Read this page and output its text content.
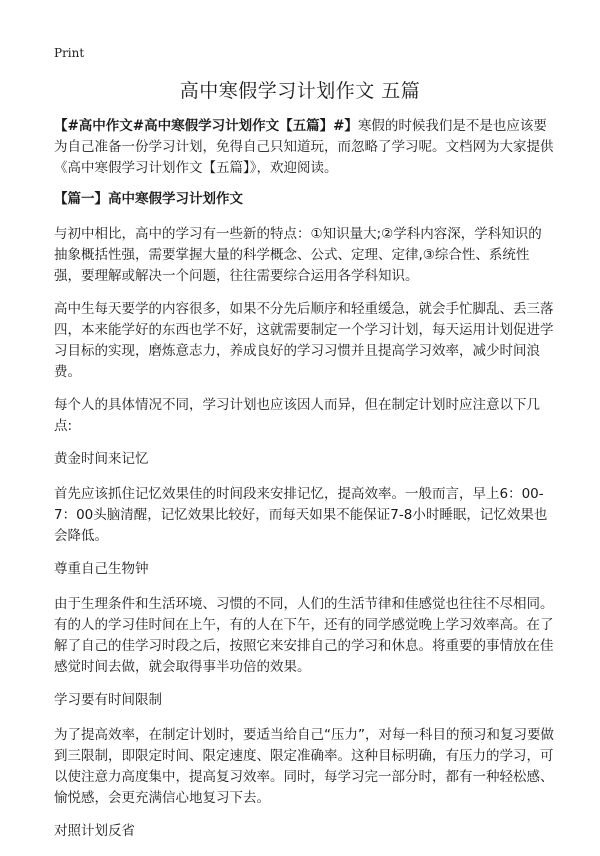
Print
高中寒假学习计划作文 五篇

【#高中作文#高中寒假学习计划作文【五篇】#】寒假的时候我们是不是也应该要为自己准备一份学习计划，免得自己只知道玩，而忽略了学习呢。文档网为大家提供《高中寒假学习计划作文【五篇】》，欢迎阅读。

【篇一】高中寒假学习计划作文

与初中相比，高中的学习有一些新的特点：①知识量大;②学科内容深，学科知识的抽象概括性强，需要掌握大量的科学概念、公式、定理、定律,③综合性、系统性强，要理解或解决一个问题，往往需要综合运用各学科知识。

高中生每天要学的内容很多，如果不分先后顺序和轻重缓急，就会手忙脚乱、丢三落四，本来能学好的东西也学不好，这就需要制定一个学习计划，每天运用计划促进学习目标的实现，磨炼意志力，养成良好的学习习惯并且提高学习效率，减少时间浪费。

每个人的具体情况不同，学习计划也应该因人而异，但在制定计划时应注意以下几点:

黄金时间来记忆

首先应该抓住记忆效果佳的时间段来安排记忆，提高效率。一般而言，早上6：00-7：00头脑清醒，记忆效果比较好，而每天如果不能保证7-8小时睡眠，记忆效果也会降低。

尊重自己生物钟

由于生理条件和生活环境、习惯的不同，人们的生活节律和佳感觉也往往不尽相同。有的人的学习佳时间在上午，有的人在下午，还有的同学感觉晚上学习效率高。在了解了自己的佳学习时段之后，按照它来安排自己的学习和休息。将重要的事情放在佳感觉时间去做，就会取得事半功倍的效果。

学习要有时间限制

为了提高效率，在制定计划时，要适当给自己“压力”，对每一科目的预习和复习要做到三限制，即限定时间、限定速度、限定准确率。这种目标明确，有压力的学习，可以使注意力高度集中，提高复习效率。同时，每学习完一部分时，都有一种轻松感、愉悦感，会更充满信心地复习下去。

对照计划反省
